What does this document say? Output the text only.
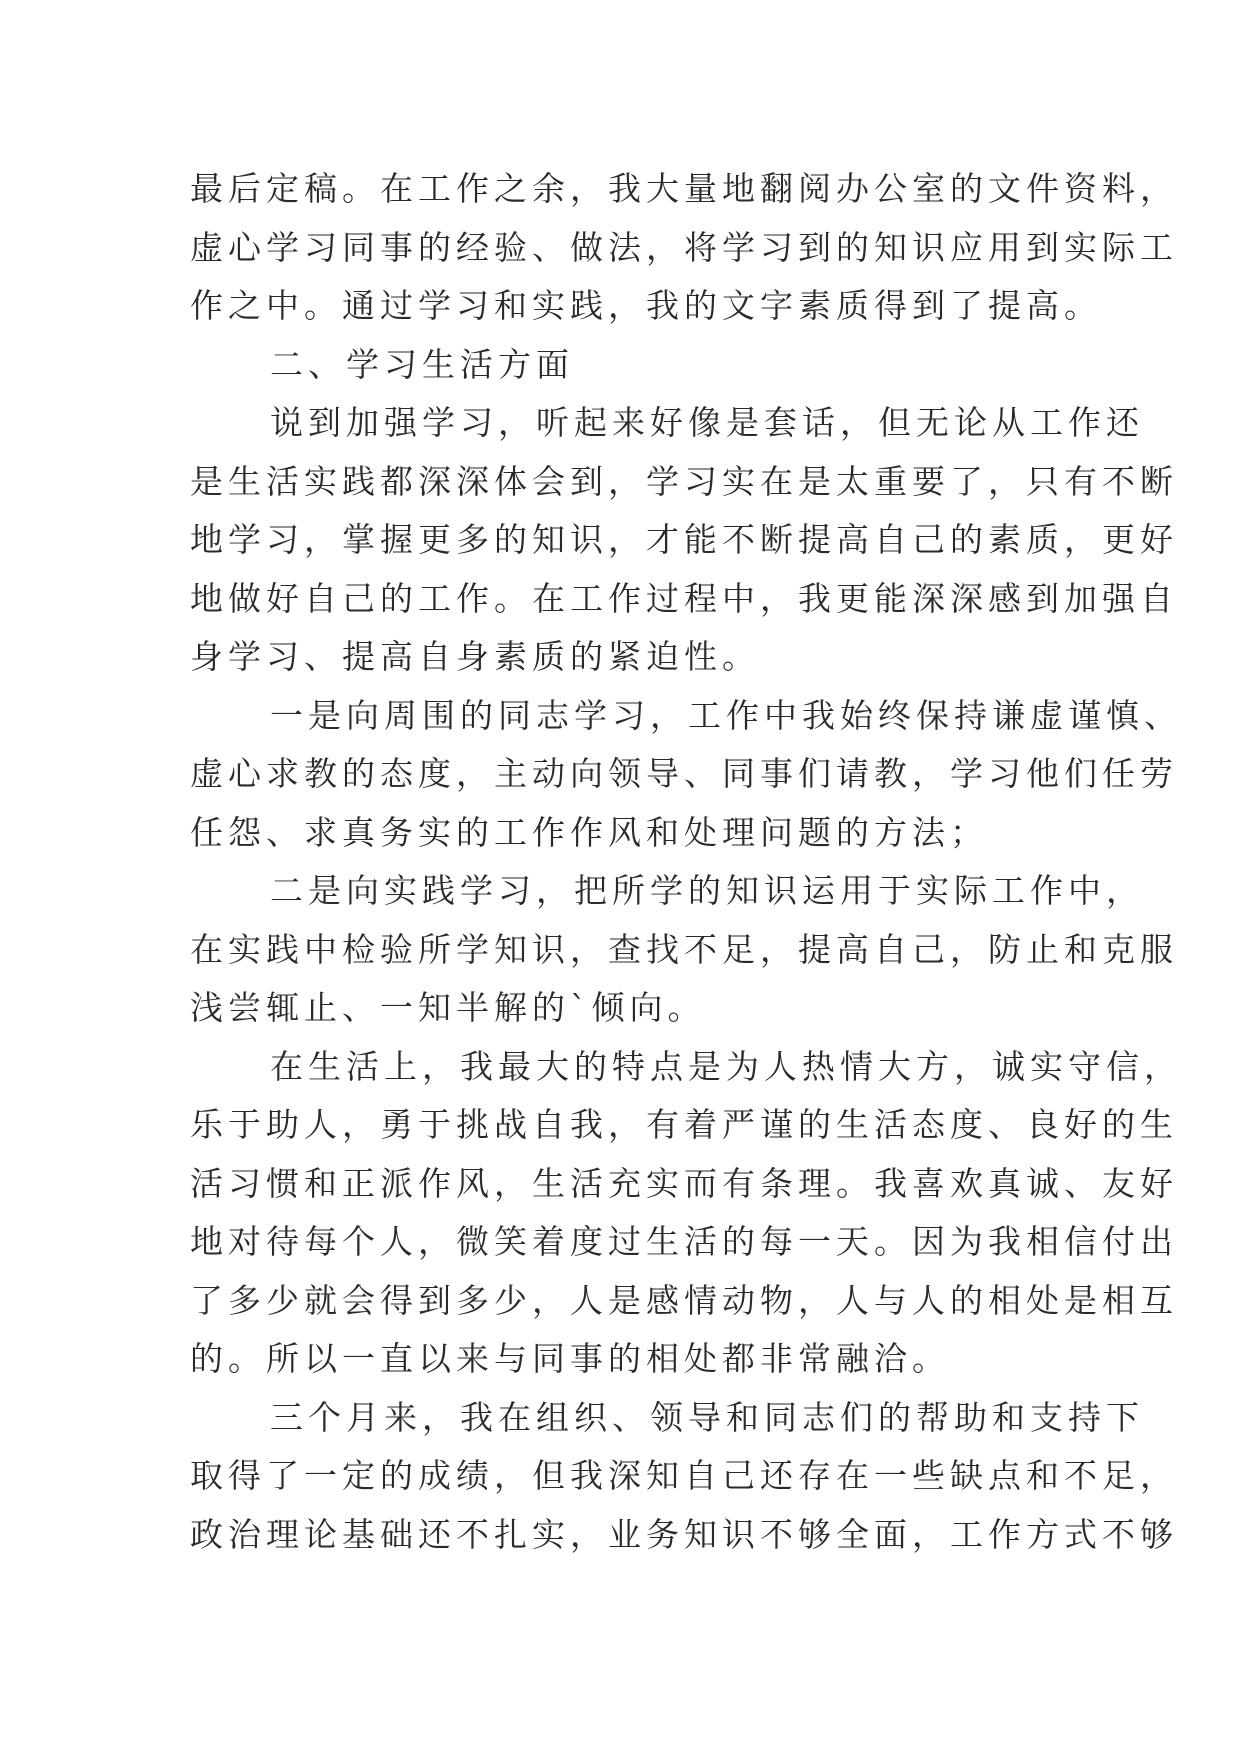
最后定稿。在工作之余，我大量地翻阅办公室的文件资料，
虚心学习同事的经验、做法，将学习到的知识应用到实际工
作之中。通过学习和实践，我的文字素质得到了提高。
二、学习生活方面
说到加强学习，听起来好像是套话，但无论从工作还
是生活实践都深深体会到，学习实在是太重要了，只有不断
地学习，掌握更多的知识，才能不断提高自己的素质，更好
地做好自己的工作。在工作过程中，我更能深深感到加强自
身学习、提高自身素质的紧迫性。
一是向周围的同志学习，工作中我始终保持谦虚谨慎、
虚心求教的态度，主动向领导、同事们请教，学习他们任劳
任怨、求真务实的工作作风和处理问题的方法；
二是向实践学习，把所学的知识运用于实际工作中，
在实践中检验所学知识，查找不足，提高自己，防止和克服
浅尝辄止、一知半解的`倾向。
在生活上，我最大的特点是为人热情大方，诚实守信，
乐于助人，勇于挑战自我，有着严谨的生活态度、良好的生
活习惯和正派作风，生活充实而有条理。我喜欢真诚、友好
地对待每个人，微笑着度过生活的每一天。因为我相信付出
了多少就会得到多少，人是感情动物，人与人的相处是相互
的。所以一直以来与同事的相处都非常融洽。
三个月来，我在组织、领导和同志们的帮助和支持下
取得了一定的成绩，但我深知自己还存在一些缺点和不足，
政治理论基础还不扎实，业务知识不够全面，工作方式不够
